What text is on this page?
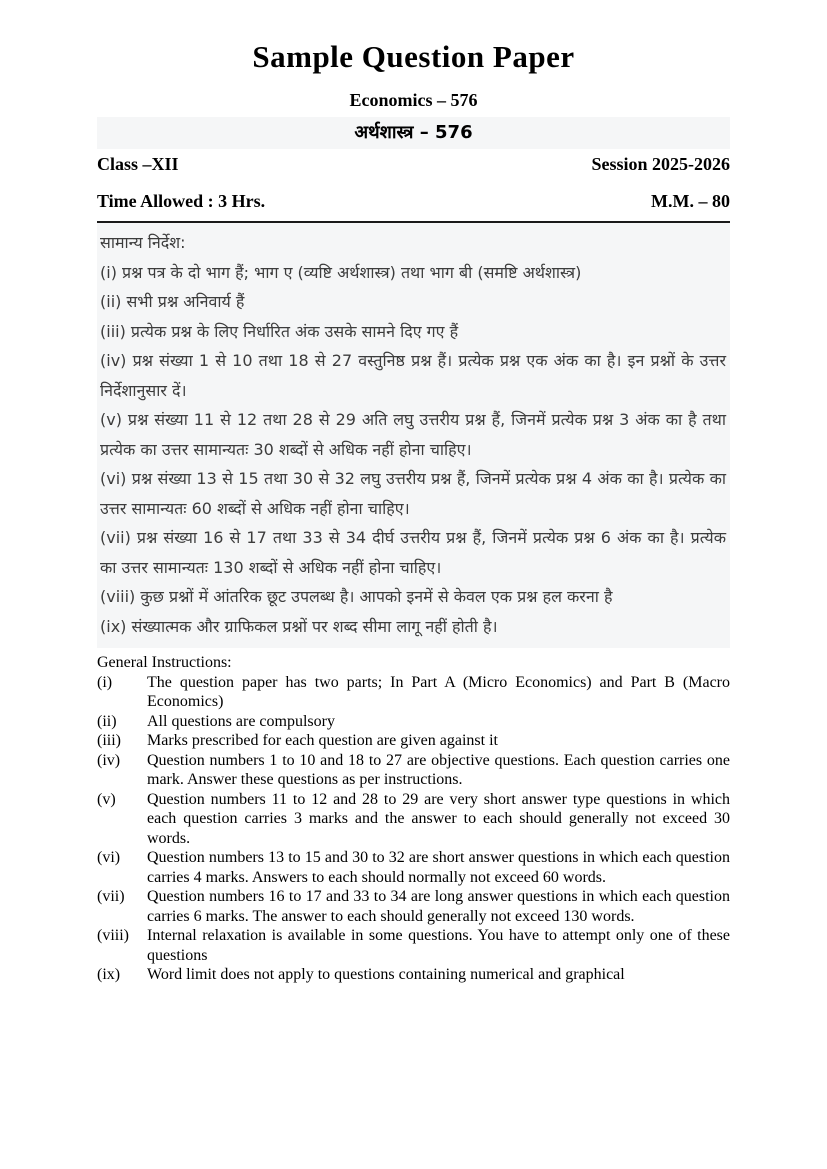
Sample Question Paper
Economics – 576
अर्थशास्त्र – 576
Class –XII	Session 2025-2026
Time Allowed : 3 Hrs.	M.M. – 80

सामान्य निर्देश:

(i) प्रश्न पत्र के दो भाग हैं; भाग ए (व्यष्टि अर्थशास्त्र) तथा भाग बी (समष्टि अर्थशास्त्र)

(ii) सभी प्रश्न अनिवार्य हैं

(iii) प्रत्येक प्रश्न के लिए निर्धारित अंक उसके सामने दिए गए हैं

(iv) प्रश्न संख्या 1 से 10 तथा 18 से 27 वस्तुनिष्ठ प्रश्न हैं। प्रत्येक प्रश्न एक अंक का है। इन प्रश्नों के उत्तर निर्देशानुसार दें।

(v) प्रश्न संख्या 11 से 12 तथा 28 से 29 अति लघु उत्तरीय प्रश्न हैं, जिनमें प्रत्येक प्रश्न 3 अंक का है तथा प्रत्येक का उत्तर सामान्यतः 30 शब्दों से अधिक नहीं होना चाहिए।

(vi) प्रश्न संख्या 13 से 15 तथा 30 से 32 लघु उत्तरीय प्रश्न हैं, जिनमें प्रत्येक प्रश्न 4 अंक का है। प्रत्येक का उत्तर सामान्यतः 60 शब्दों से अधिक नहीं होना चाहिए।

(vii) प्रश्न संख्या 16 से 17 तथा 33 से 34 दीर्घ उत्तरीय प्रश्न हैं, जिनमें प्रत्येक प्रश्न 6 अंक का है। प्रत्येक का उत्तर सामान्यतः 130 शब्दों से अधिक नहीं होना चाहिए।

(viii) कुछ प्रश्नों में आंतरिक छूट उपलब्ध है। आपको इनमें से केवल एक प्रश्न हल करना है

(ix) संख्यात्मक और ग्राफिकल प्रश्नों पर शब्द सीमा लागू नहीं होती है।

General Instructions:

(i)	The question paper has two parts; In Part A (Micro Economics) and Part B (Macro Economics)
(ii)	All questions are compulsory
(iii)	Marks prescribed for each question are given against it
(iv)	Question numbers 1 to 10 and 18 to 27 are objective questions. Each question carries one mark. Answer these questions as per instructions.
(v)	Question numbers 11 to 12 and 28 to 29 are very short answer type questions in which each question carries 3 marks and the answer to each should generally not exceed 30 words.
(vi)	Question numbers 13 to 15 and 30 to 32 are short answer questions in which each question carries 4 marks. Answers to each should normally not exceed 60 words.
(vii)	Question numbers 16 to 17 and 33 to 34 are long answer questions in which each question carries 6 marks. The answer to each should generally not exceed 130 words.
(viii)	Internal relaxation is available in some questions. You have to attempt only one of these questions
(ix)	Word limit does not apply to questions containing numerical and graphical
